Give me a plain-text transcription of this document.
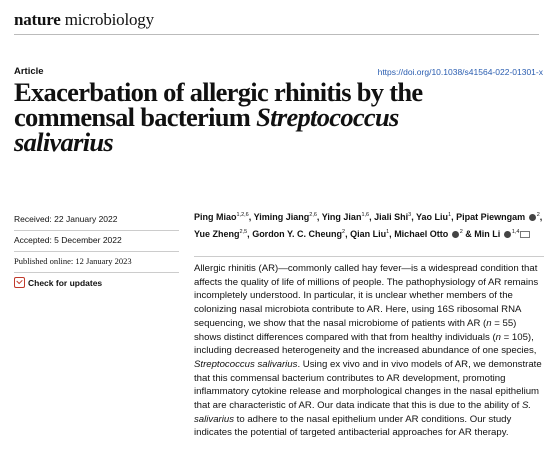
nature microbiology
Article	https://doi.org/10.1038/s41564-022-01301-x
Exacerbation of allergic rhinitis by the
commensal bacterium Streptococcus
salivarius
Received: 22 January 2022
Accepted: 5 December 2022
Published online: 12 January 2023
Check for updates
Ping Miao$^{1,2,6}$, Yiming Jiang$^{2,6}$, Ying Jian$^{1,6}$, Jiali Shi$^3$, Yao Liu$^1$, Pipat Piewngam $^2$, Yue Zheng$^{2,5}$, Gordon Y. C. Cheung$^2$, Qian Liu$^1$, Michael Otto $^2$ & Min Li $^{1,4}$

Allergic rhinitis (AR)—commonly called hay fever—is a widespread condition that affects the quality of life of millions of people. The pathophysiology of AR remains incompletely understood. In particular, it is unclear whether members of the colonizing nasal microbiota contribute to AR. Here, using 16S ribosomal RNA sequencing, we show that the nasal microbiome of patients with AR (n = 55) shows distinct differences compared with that from healthy individuals (n = 105), including decreased heterogeneity and the increased abundance of one species, Streptococcus salivarius. Using ex vivo and in vivo models of AR, we demonstrate that this commensal bacterium contributes to AR development, promoting inflammatory cytokine release and morphological changes in the nasal epithelium that are characteristic of AR. Our data indicate that this is due to the ability of S. salivarius to adhere to the nasal epithelium under AR conditions. Our study indicates the potential of targeted antibacterial approaches for AR therapy.
